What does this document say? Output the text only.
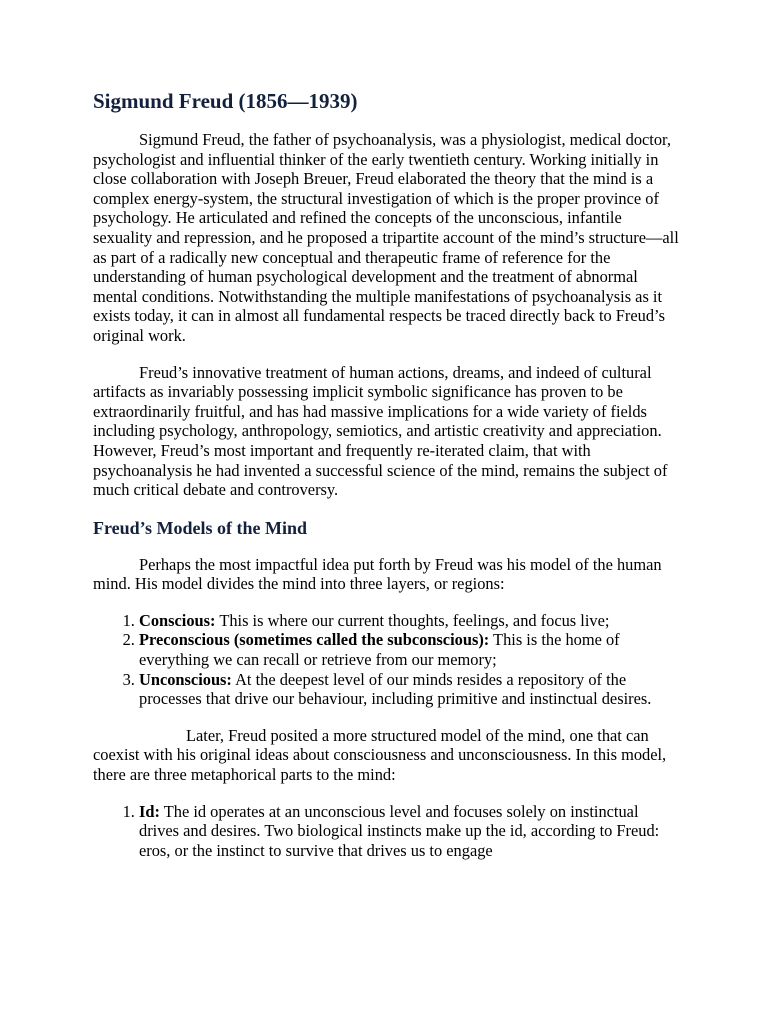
Sigmund Freud (1856—1939)

Sigmund Freud, the father of psychoanalysis, was a physiologist, medical doctor, psychologist and influential thinker of the early twentieth century. Working initially in close collaboration with Joseph Breuer, Freud elaborated the theory that the mind is a complex energy-system, the structural investigation of which is the proper province of psychology. He articulated and refined the concepts of the unconscious, infantile sexuality and repression, and he proposed a tripartite account of the mind’s structure—all as part of a radically new conceptual and therapeutic frame of reference for the understanding of human psychological development and the treatment of abnormal mental conditions. Notwithstanding the multiple manifestations of psychoanalysis as it exists today, it can in almost all fundamental respects be traced directly back to Freud’s original work.

Freud’s innovative treatment of human actions, dreams, and indeed of cultural artifacts as invariably possessing implicit symbolic significance has proven to be extraordinarily fruitful, and has had massive implications for a wide variety of fields including psychology, anthropology, semiotics, and artistic creativity and appreciation. However, Freud’s most important and frequently re-iterated claim, that with psychoanalysis he had invented a successful science of the mind, remains the subject of much critical debate and controversy.

Freud’s Models of the Mind

Perhaps the most impactful idea put forth by Freud was his model of the human mind. His model divides the mind into three layers, or regions:

1. Conscious: This is where our current thoughts, feelings, and focus live;
2. Preconscious (sometimes called the subconscious): This is the home of everything we can recall or retrieve from our memory;
3. Unconscious: At the deepest level of our minds resides a repository of the processes that drive our behaviour, including primitive and instinctual desires.

Later, Freud posited a more structured model of the mind, one that can coexist with his original ideas about consciousness and unconsciousness. In this model, there are three metaphorical parts to the mind:

1. Id: The id operates at an unconscious level and focuses solely on instinctual drives and desires. Two biological instincts make up the id, according to Freud: eros, or the instinct to survive that drives us to engage
